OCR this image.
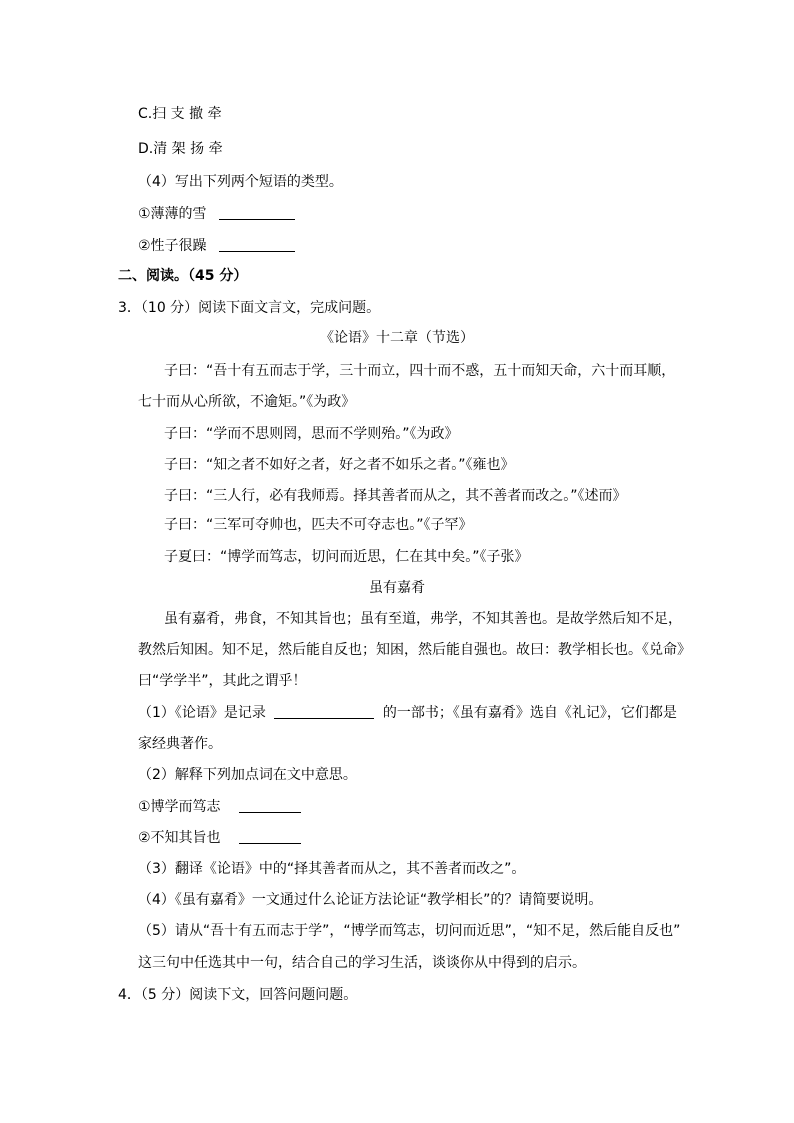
C.扫 支 撤 牵
D.清 架 扬 牵
（4）写出下列两个短语的类型。
①薄薄的雪
②性子很躁
二、阅读。（45 分）
3．（10 分）阅读下面文言文，完成问题。
《论语》十二章（节选）
子曰：“吾十有五而志于学，三十而立，四十而不惑，五十而知天命，六十而耳顺，
七十而从心所欲，不逾矩。”《为政》
子曰：“学而不思则罔，思而不学则殆。”《为政》
子曰：“知之者不如好之者，好之者不如乐之者。”《雍也》
子曰：“三人行，必有我师焉。择其善者而从之，其不善者而改之。”《述而》
子曰：“三军可夺帅也，匹夫不可夺志也。”《子罕》
子夏曰：“博学而笃志，切问而近思，仁在其中矣。”《子张》
虽有嘉肴
虽有嘉肴，弗食，不知其旨也；虽有至道，弗学，不知其善也。是故学然后知不足，
教然后知困。知不足，然后能自反也；知困，然后能自强也。故曰：教学相长也。《兑命》
曰“学学半”，其此之谓乎！
（1）《论语》是记录	的一部书；《虽有嘉肴》选自《礼记》，它们都是
家经典著作。
（2）解释下列加点词在文中意思。
①博学而笃志
②不知其旨也
（3）翻译《论语》中的“择其善者而从之，其不善者而改之”。
（4）《虽有嘉肴》一文通过什么论证方法论证“教学相长”的？请简要说明。
（5）请从“吾十有五而志于学”，“博学而笃志，切问而近思”，“知不足，然后能自反也”
这三句中任选其中一句，结合自己的学习生活，谈谈你从中得到的启示。
4．（5 分）阅读下文，回答问题问题。
